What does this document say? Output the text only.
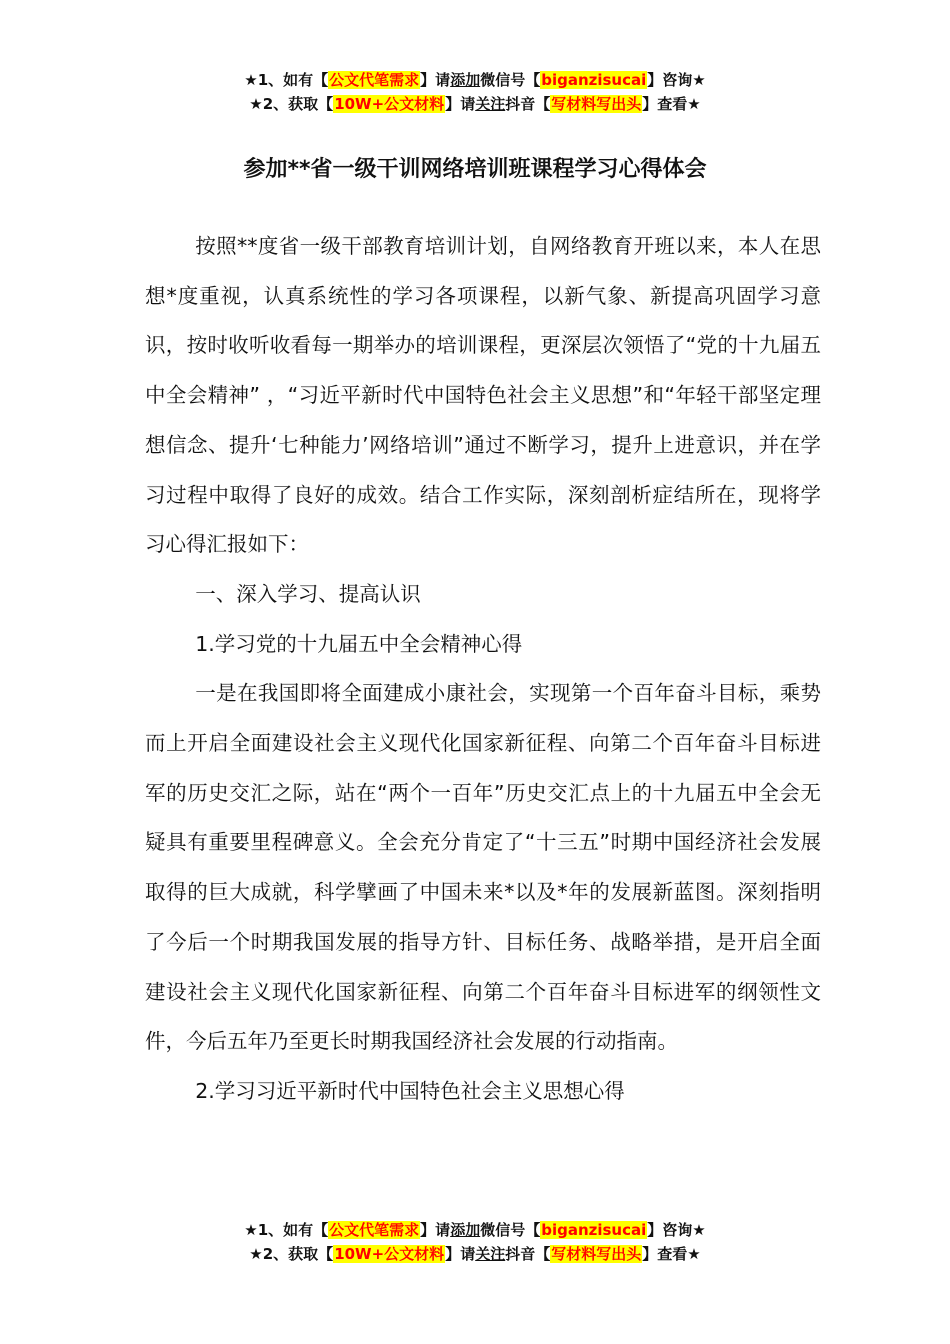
★1、如有【公文代笔需求】请添加微信号【biganzisucai】咨询★
★2、获取【10W+公文材料】请关注抖音【写材料写出头】查看★
参加**省一级干训网络培训班课程学习心得体会

按照**度省一级干部教育培训计划，自网络教育开班以来，本人在思想*度重视，认真系统性的学习各项课程，以新气象、新提高巩固学习意识，按时收听收看每一期举办的培训课程，更深层次领悟了“党的十九届五中全会精神” ，“习近平新时代中国特色社会主义思想”和“年轻干部坚定理想信念、提升‘七种能力’网络培训”通过不断学习，提升上进意识，并在学习过程中取得了良好的成效。结合工作实际，深刻剖析症结所在，现将学习心得汇报如下：

一、深入学习、提高认识

1.学习党的十九届五中全会精神心得

一是在我国即将全面建成小康社会，实现第一个百年奋斗目标，乘势而上开启全面建设社会主义现代化国家新征程、向第二个百年奋斗目标进军的历史交汇之际，站在“两个一百年”历史交汇点上的十九届五中全会无疑具有重要里程碑意义。全会充分肯定了“十三五”时期中国经济社会发展取得的巨大成就，科学擘画了中国未来*以及*年的发展新蓝图。深刻指明了今后一个时期我国发展的指导方针、目标任务、战略举措，是开启全面建设社会主义现代化国家新征程、向第二个百年奋斗目标进军的纲领性文件，今后五年乃至更长时期我国经济社会发展的行动指南。

2.学习习近平新时代中国特色社会主义思想心得

★1、如有【公文代笔需求】请添加微信号【biganzisucai】咨询★
★2、获取【10W+公文材料】请关注抖音【写材料写出头】查看★
